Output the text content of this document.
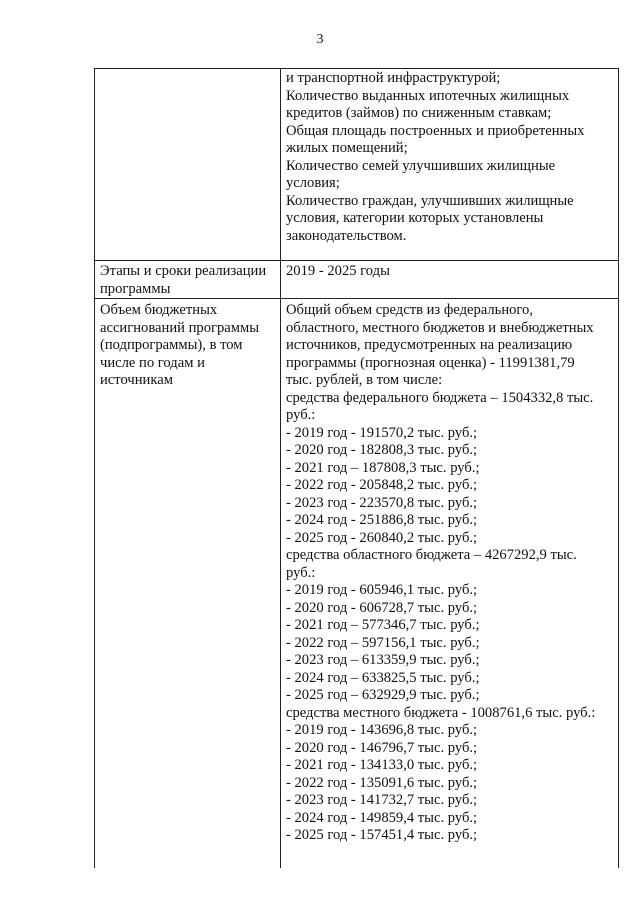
3
и транспортной инфраструктурой;
Количество выданных ипотечных жилищных
кредитов (займов) по сниженным ставкам;
Общая площадь построенных и приобретенных
жилых помещений;
Количество семей улучшивших жилищные
условия;
Количество граждан, улучшивших жилищные
условия, категории которых установлены
законодательством.
Этапы и сроки реализации
программы
2019 - 2025 годы
Объем бюджетных
ассигнований программы
(подпрограммы), в том
числе по годам и
источникам
Общий объем средств из федерального,
областного, местного бюджетов и внебюджетных
источников, предусмотренных на реализацию
программы (прогнозная оценка) - 11991381,79
тыс. рублей, в том числе:
средства федерального бюджета – 1504332,8 тыс.
руб.:
- 2019 год - 191570,2 тыс. руб.;
- 2020 год - 182808,3 тыс. руб.;
- 2021 год – 187808,3 тыс. руб.;
- 2022 год - 205848,2 тыс. руб.;
- 2023 год - 223570,8 тыс. руб.;
- 2024 год - 251886,8 тыс. руб.;
- 2025 год - 260840,2 тыс. руб.;
средства областного бюджета – 4267292,9 тыс.
руб.:
- 2019 год - 605946,1 тыс. руб.;
- 2020 год - 606728,7 тыс. руб.;
- 2021 год – 577346,7 тыс. руб.;
- 2022 год – 597156,1 тыс. руб.;
- 2023 год – 613359,9 тыс. руб.;
- 2024 год – 633825,5 тыс. руб.;
- 2025 год – 632929,9 тыс. руб.;
средства местного бюджета - 1008761,6 тыс. руб.:
- 2019 год - 143696,8 тыс. руб.;
- 2020 год - 146796,7 тыс. руб.;
- 2021 год - 134133,0 тыс. руб.;
- 2022 год - 135091,6 тыс. руб.;
- 2023 год - 141732,7 тыс. руб.;
- 2024 год - 149859,4 тыс. руб.;
- 2025 год - 157451,4 тыс. руб.;
